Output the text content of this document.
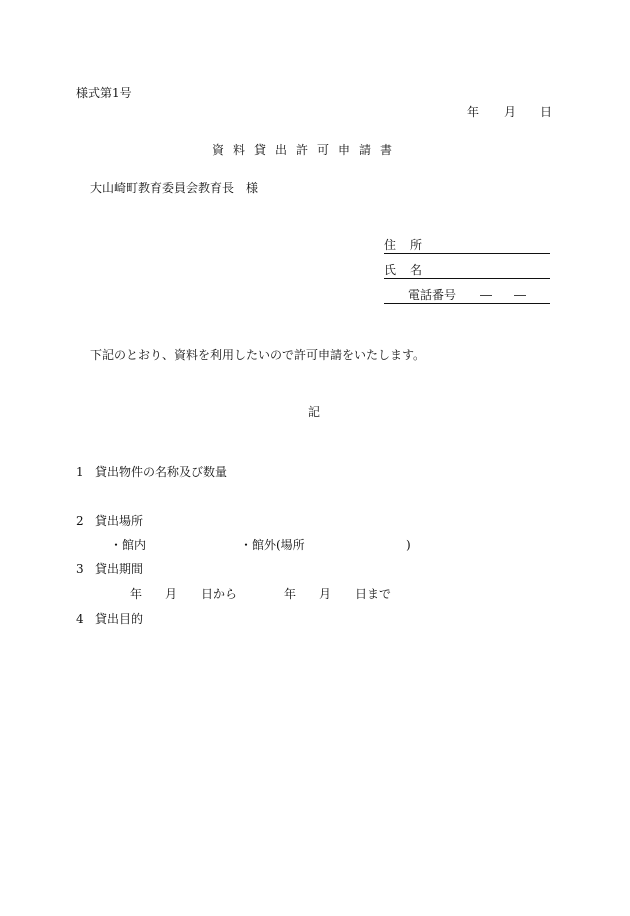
様式第1号
年 月 日
資料貸出許可申請書
大山崎町教育委員会教育長　様
住 所
氏 名
電話番号 ― ―
下記のとおり、資料を利用したいので許可申請をいたします。
記
1 貸出物件の名称及び数量
2 貸出場所
・館内	・館外(場所	)
3 貸出期間
年 月 日から	年 月 日まで
4 貸出目的
